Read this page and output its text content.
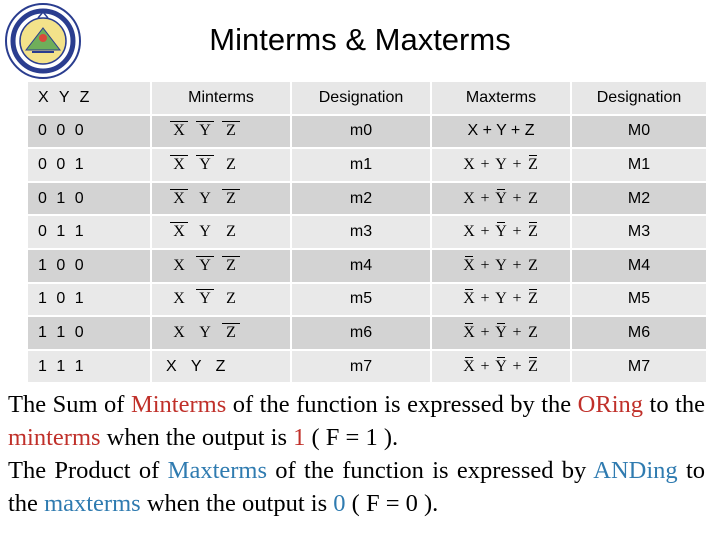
Minterms & Maxterms
X Y Z	Minterms	Designation	Maxterms	Designation
0 0 0	X Y Z	m0	X + Y + Z	M0
0 0 1	X Y Z	m1	X + Y + Z	M1
0 1 0	X Y Z	m2	X + Y + Z	M2
0 1 1	X Y Z	m3	X + Y + Z	M3
1 0 0	X Y Z	m4	X + Y + Z	M4
1 0 1	X Y Z	m5	X + Y + Z	M5
1 1 0	X Y Z	m6	X + Y + Z	M6
1 1 1	X Y Z	m7	X + Y + Z	M7

The Sum of Minterms of the function is expressed by the ORing to the minterms when the output is 1 ( F = 1 ).

The Product of Maxterms of the function is expressed by ANDing to the maxterms when the output is 0 ( F = 0 ).
